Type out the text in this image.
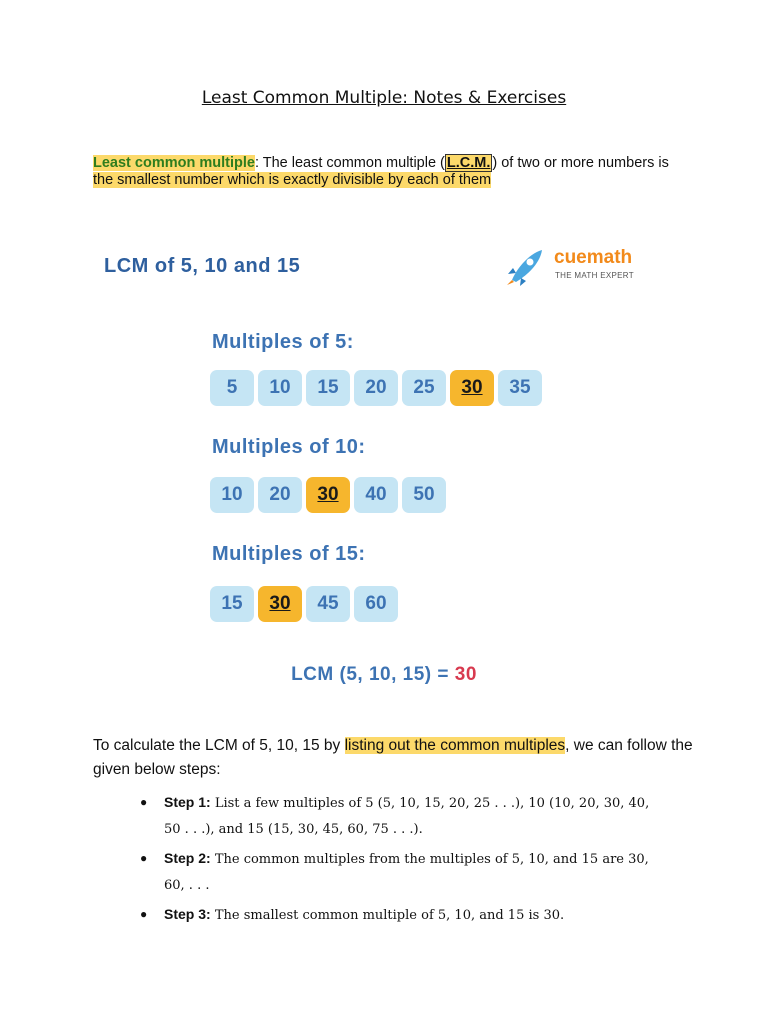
Least Common Multiple: Notes & Exercises
Least common multiple: The least common multiple ( L.C.M. ) of two or more numbers is the smallest number which is exactly divisible by each of them
LCM of 5, 10 and 15	cuemath
THE MATH EXPERT
Multiples of 5:
5	10	15	20	25	30	35
Multiples of 10:
10	20	30	40	50
Multiples of 15:
15	30	45	60
LCM (5, 10, 15) = 30
To calculate the LCM of 5, 10, 15 by listing out the common multiples, we can follow the given below steps:
● Step 1: List a few multiples of 5 (5, 10, 15, 20, 25 . . .), 10 (10, 20, 30, 40, 50 . . .), and 15 (15, 30, 45, 60, 75 . . .).
● Step 2: The common multiples from the multiples of 5, 10, and 15 are 30, 60, . . .
● Step 3: The smallest common multiple of 5, 10, and 15 is 30.
